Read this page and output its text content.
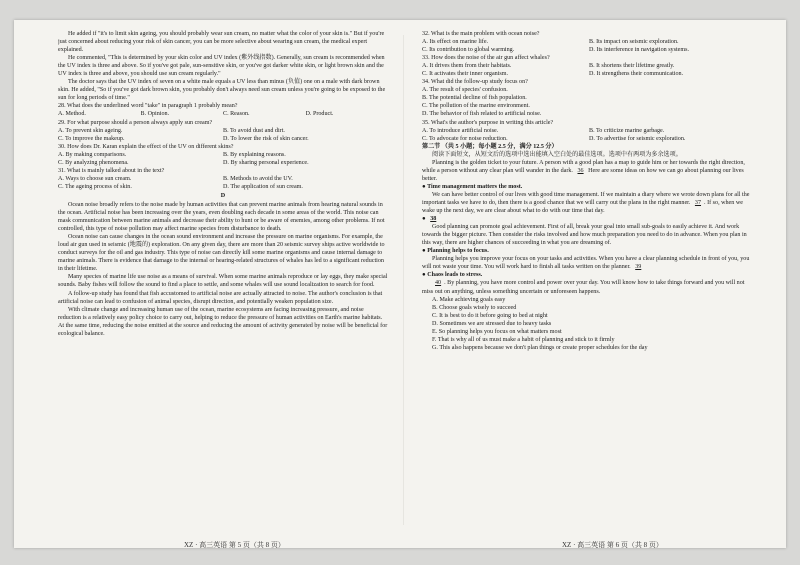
He added if "it's to limit skin ageing, you should probably wear sun cream, no matter what the color of your skin is." But if you're just concerned about reducing your risk of skin cancer, you can be more selective about wearing sun cream, the medical expert explained.

He commented, "This is determined by your skin color and UV index (紫外线指数). Generally, sun cream is recommended when the UV index is three and above. So if you've got pale, sun-sensitive skin, or you've got darker white skin, or light brown skin and the UV index is three and above, you should use sun cream regularly."

The doctor says that the UV index of seven on a white male equals a UV less than minus (负值) one on a male with dark brown skin. He added, "So if you've got dark brown skin, you probably don't always need sun cream unless you're going to be exposed to the sun for long periods of time."

28. What does the underlined word "take" in paragraph 1 probably mean?

A. Method.	B. Opinion.	C. Reason.	D. Product.

29. For what purpose should a person always apply sun cream?

A. To prevent skin ageing.	B. To avoid dust and dirt.
C. To improve the makeup.	D. To lower the risk of skin cancer.

30. How does Dr. Karan explain the effect of the UV on different skins?

A. By making comparisons.	B. By explaining reasons.
C. By analyzing phenomena.	D. By sharing personal experience.

31. What is mainly talked about in the text?

A. Ways to choose sun cream.	B. Methods to avoid the UV.
C. The ageing process of skin.	D. The application of sun cream.
D

Ocean noise broadly refers to the noise made by human activities that can prevent marine animals from hearing natural sounds in the ocean. Artificial noise has been increasing over the years, even doubling each decade in some areas of the world. This noise can mask communication between marine animals and decrease their ability to hunt or be aware of enemies, among other problems. If not controlled, this type of noise pollution may affect marine species from disturbance to death.

Ocean noise can cause changes in the ocean sound environment and increase the pressure on marine organisms. For example, the loud air gun used in seismic (地震的) exploration. On any given day, there are more than 20 seismic survey ships active worldwide to conduct surveys for the oil and gas industry. This type of noise can directly kill some marine organisms and cause internal damage to marine animals. There is evidence that damage to the internal or hearing-related structures of whales has led to a significant reduction in their lifetime.

Many species of marine life use noise as a means of survival. When some marine animals reproduce or lay eggs, they make special sounds. Baby fishes will follow the sound to find a place to settle, and some whales will use sound localization to search for food.

A follow-up study has found that fish accustomed to artificial noise are actually attracted to noise. The author's conclusion is that artificial noise can lead to confusion of animal species, disrupt direction, and potentially weaken population size.

With climate change and increasing human use of the ocean, marine ecosystems are facing increasing pressure, and noise reduction is a relatively easy policy choice to carry out, helping to reduce the pressure of human activities on Earth's marine habitats. At the same time, reducing the noise emitted at the source and reducing the amount of activity generated by noise will be beneficial for ecological balance.

32. What is the main problem with ocean noise?

A. Its effect on marine life.	B. Its impact on seismic exploration.
C. Its contribution to global warming.	D. Its interference in navigation systems.

33. How does the noise of the air gun affect whales?

A. It drives them from their habitats.	B. It shortens their lifetime greatly.
C. It activates their inner organism.	D. It strengthens their communication.

34. What did the follow-up study focus on?

A. The result of species' confusion.
B. The potential decline of fish population.
C. The pollution of the marine environment.
D. The behavior of fish related to artificial noise.

35. What's the author's purpose in writing this article?

A. To introduce artificial noise.	B. To criticize marine garbage.
C. To advocate for noise reduction.	D. To advertise for seismic exploration.

第二节 （共 5 小题；每小题 2.5 分，满分 12.5 分）

阅读下面短文，从短文后的选项中选出能填入空白处的最佳选项。选项中有两项为多余选项。

Planning is the golden ticket to your future. A person with a good plan has a map to guide him or her towards the right direction, while a person without any clear plan will wander in the dark. 36 Here are some ideas on how we can go about planning our lives better.

● Time management matters the most.

We can have better control of our lives with good time management. If we maintain a diary where we wrote down plans for all the important tasks we have to do, then there is a good chance that we will carry out the plans in the right manner. 37 . If so, when we wake up the next day, we are clear about what to do with our time that day.

● 38

Good planning can promote goal achievement. First of all, break your goal into small sub-goals to easily achieve it. And work towards the bigger picture. Then consider the risks involved and how much preparation you need to do in advance. When you plan in this way, there are higher chances of succeeding in what you are dreaming of.

● Planning helps to focus.

Planning helps you improve your focus on your tasks and activities. When you have a clear planning schedule in front of you, you will not waste your time. You will work hard to finish all tasks written on the planner. 39

● Chaos leads to stress.

40 . By planning, you have more control and power over your day. You will know how to take things forward and you will not miss out on anything, unless something uncertain or unforeseen happens.

A. Make achieving goals easy
B. Choose goals wisely to succeed
C. It is best to do it before going to bed at night
D. Sometimes we are stressed due to heavy tasks
E. So planning helps you focus on what matters most
F. That is why all of us must make a habit of planning and stick to it firmly
G. This also happens because we don't plan things or create proper schedules for the day
XZ · 高三英语 第 5 页（共 8 页）	XZ · 高三英语 第 6 页（共 8 页）
